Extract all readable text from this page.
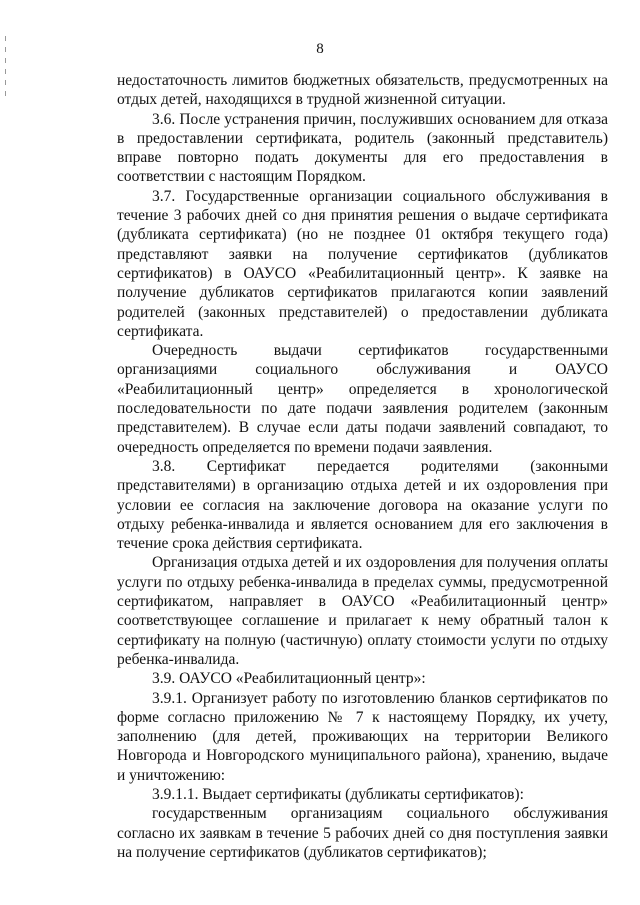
8

недостаточность лимитов бюджетных обязательств, предусмотренных на отдых детей, находящихся в трудной жизненной ситуации.

3.6. После устранения причин, послуживших основанием для отказа в предоставлении сертификата, родитель (законный представитель) вправе повторно подать документы для его предоставления в соответствии с настоящим Порядком.

3.7. Государственные организации социального обслуживания в течение 3 рабочих дней со дня принятия решения о выдаче сертификата (дубликата сертификата) (но не позднее 01 октября текущего года) представляют заявки на получение сертификатов (дубликатов сертификатов) в ОАУСО «Реабилитационный центр». К заявке на получение дубликатов сертификатов прилагаются копии заявлений родителей (законных представителей) о предоставлении дубликата сертификата.

Очередность выдачи сертификатов государственными организациями социального обслуживания и ОАУСО «Реабилитационный центр» определяется в хронологической последовательности по дате подачи заявления родителем (законным представителем). В случае если даты подачи заявлений совпадают, то очередность определяется по времени подачи заявления.

3.8. Сертификат передается родителями (законными представителями) в организацию отдыха детей и их оздоровления при условии ее согласия на заключение договора на оказание услуги по отдыху ребенка-инвалида и является основанием для его заключения в течение срока действия сертификата.

Организация отдыха детей и их оздоровления для получения оплаты услуги по отдыху ребенка-инвалида в пределах суммы, предусмотренной сертификатом, направляет в ОАУСО «Реабилитационный центр» соответствующее соглашение и прилагает к нему обратный талон к сертификату на полную (частичную) оплату стоимости услуги по отдыху ребенка-инвалида.

3.9. ОАУСО «Реабилитационный центр»:

3.9.1. Организует работу по изготовлению бланков сертификатов по форме согласно приложению № 7 к настоящему Порядку, их учету, заполнению (для детей, проживающих на территории Великого Новгорода и Новгородского муниципального района), хранению, выдаче и уничтожению:

3.9.1.1. Выдает сертификаты (дубликаты сертификатов):

государственным организациям социального обслуживания согласно их заявкам в течение 5 рабочих дней со дня поступления заявки на получение сертификатов (дубликатов сертификатов);
